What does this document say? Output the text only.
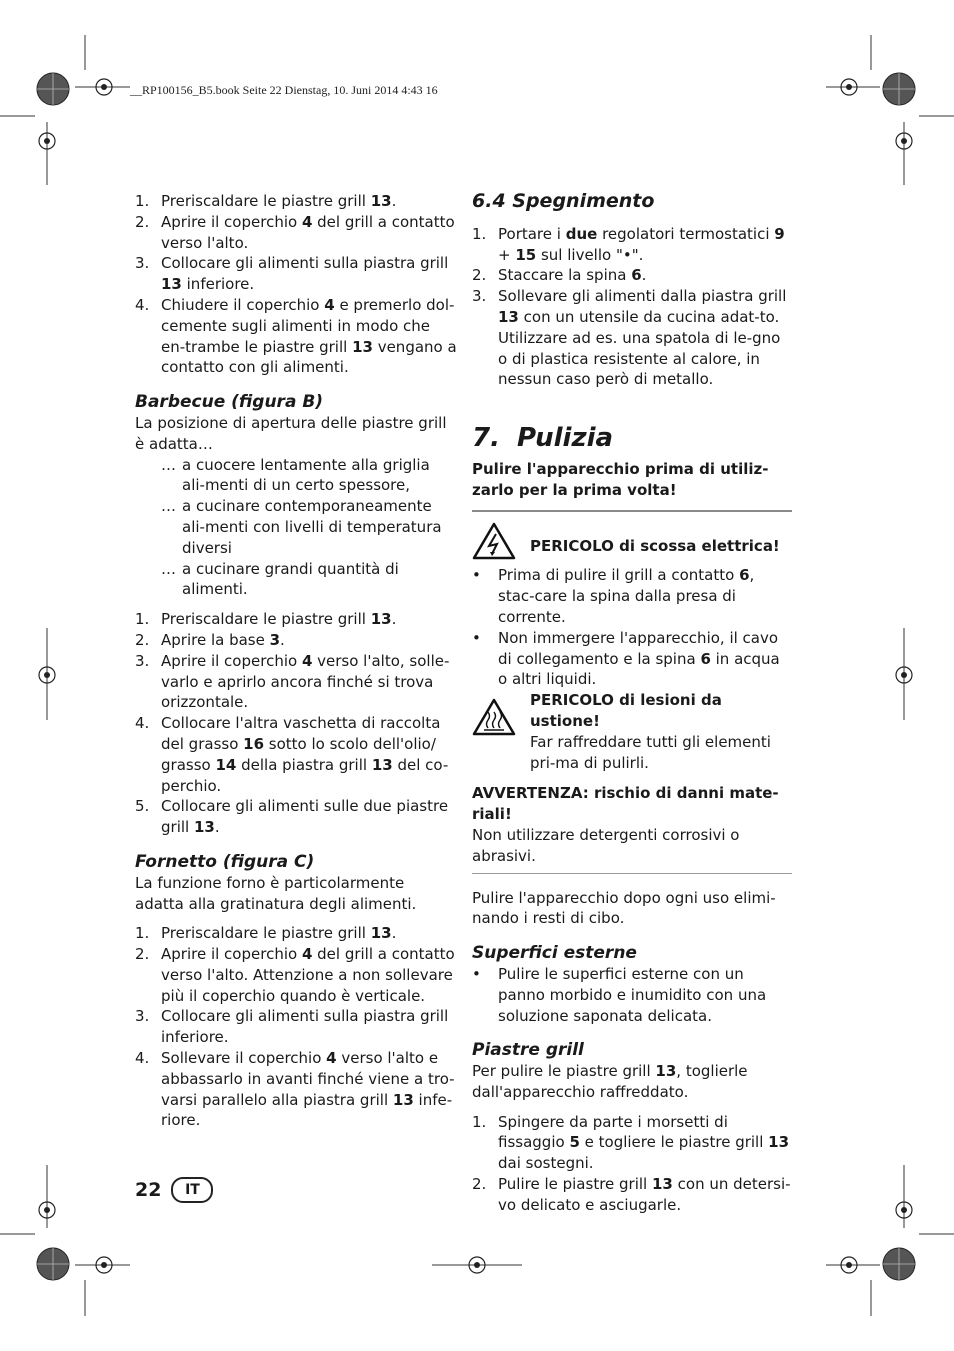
__RP100156_B5.book Seite 22 Dienstag, 10. Juni 2014 4:43 16
1. Preriscaldare le piastre grill 13.
2. Aprire il coperchio 4 del grill a contatto verso l'alto.
3. Collocare gli alimenti sulla piastra grill 13 inferiore.
4. Chiudere il coperchio 4 e premerlo dol-cemente sugli alimenti in modo che en-trambe le piastre grill 13 vengano a contatto con gli alimenti.
Barbecue (figura B)

La posizione di apertura delle piastre grill è adatta…

… a cuocere lentamente alla griglia ali-menti di un certo spessore,
… a cucinare contemporaneamente ali-menti con livelli di temperatura diversi
… a cucinare grandi quantità di alimenti.
1. Preriscaldare le piastre grill 13.
2. Aprire la base 3.
3. Aprire il coperchio 4 verso l'alto, solle-varlo e aprirlo ancora finché si trova orizzontale.
4. Collocare l'altra vaschetta di raccolta del grasso 16 sotto lo scolo dell'olio/ grasso 14 della piastra grill 13 del co-perchio.
5. Collocare gli alimenti sulle due piastre grill 13.
Fornetto (figura C)

La funzione forno è particolarmente adatta alla gratinatura degli alimenti.

1. Preriscaldare le piastre grill 13.
2. Aprire il coperchio 4 del grill a contatto verso l'alto. Attenzione a non sollevare più il coperchio quando è verticale.
3. Collocare gli alimenti sulla piastra grill inferiore.
4. Sollevare il coperchio 4 verso l'alto e abbassarlo in avanti finché viene a tro-varsi parallelo alla piastra grill 13 infe-riore.
6.4 Spegnimento
1. Portare i due regolatori termostatici 9 + 15 sul livello "•".
2. Staccare la spina 6.
3. Sollevare gli alimenti dalla piastra grill 13 con un utensile da cucina adat-to. Utilizzare ad es. una spatola di le-gno o di plastica resistente al calore, in nessun caso però di metallo.
7. Pulizia

Pulire l'apparecchio prima di utiliz-zarlo per la prima volta!

PERICOLO di scossa elettrica!

• Prima di pulire il grill a contatto 6, stac-care la spina dalla presa di corrente.
• Non immergere l'apparecchio, il cavo di collegamento e la spina 6 in acqua o altri liquidi.

PERICOLO di lesioni da ustione!

Far raffreddare tutti gli elementi pri-ma di pulirli.

AVVERTENZA: rischio di danni mate-riali!

Non utilizzare detergenti corrosivi o abrasivi.

Pulire l'apparecchio dopo ogni uso elimi-nando i resti di cibo.

Superfici esterne
• Pulire le superfici esterne con un panno morbido e inumidito con una soluzione saponata delicata.
Piastre grill

Per pulire le piastre grill 13, toglierle dall'apparecchio raffreddato.

1. Spingere da parte i morsetti di fissaggio 5 e togliere le piastre grill 13 dai sostegni.
2. Pulire le piastre grill 13 con un detersi-vo delicato e asciugarle.
22	IT
